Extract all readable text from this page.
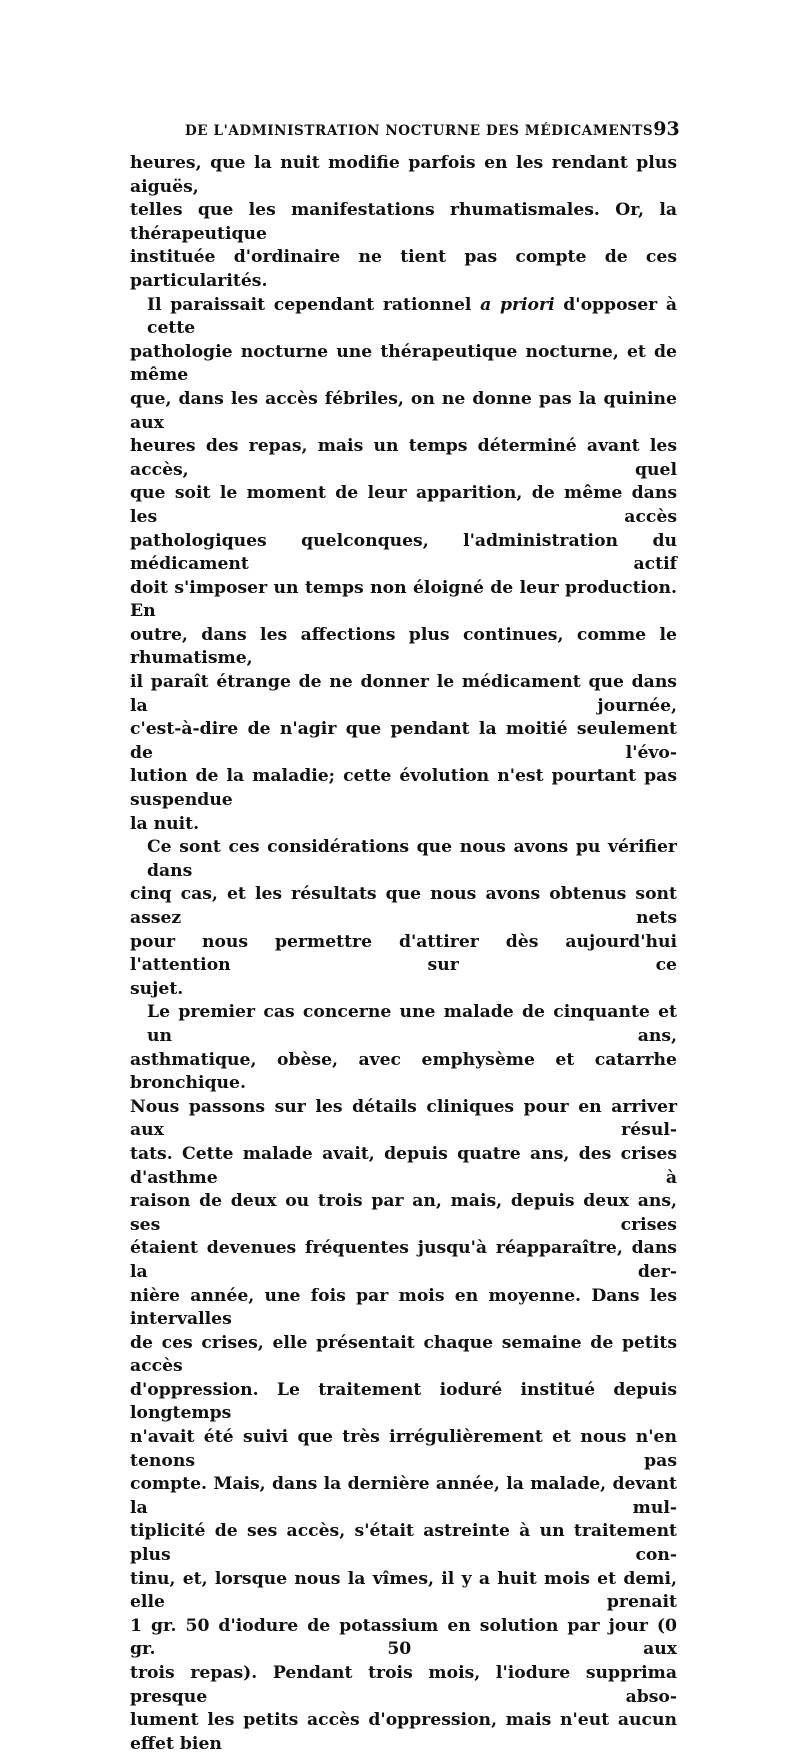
DE L'ADMINISTRATION NOCTURNE DES MÉDICAMENTS 93

heures, que la nuit modifie parfois en les rendant plus aiguës,
telles que les manifestations rhumatismales. Or, la thérapeutique
instituée d'ordinaire ne tient pas compte de ces particularités.

Il paraissait cependant rationnel a priori d'opposer à cette
pathologie nocturne une thérapeutique nocturne, et de même
que, dans les accès fébriles, on ne donne pas la quinine aux
heures des repas, mais un temps déterminé avant les accès, quel
que soit le moment de leur apparition, de même dans les accès
pathologiques quelconques, l'administration du médicament actif
doit s'imposer un temps non éloigné de leur production. En
outre, dans les affections plus continues, comme le rhumatisme,
il paraît étrange de ne donner le médicament que dans la journée,
c'est-à-dire de n'agir que pendant la moitié seulement de l'évo-
lution de la maladie; cette évolution n'est pourtant pas suspendue
la nuit.

Ce sont ces considérations que nous avons pu vérifier dans
cinq cas, et les résultats que nous avons obtenus sont assez nets
pour nous permettre d'attirer dès aujourd'hui l'attention sur ce
sujet.

Le premier cas concerne une malade de cinquante et un ans,
asthmatique, obèse, avec emphysème et catarrhe bronchique.
Nous passons sur les détails cliniques pour en arriver aux résul-
tats. Cette malade avait, depuis quatre ans, des crises d'asthme à
raison de deux ou trois par an, mais, depuis deux ans, ses crises
étaient devenues fréquentes jusqu'à réapparaître, dans la der-
nière année, une fois par mois en moyenne. Dans les intervalles
de ces crises, elle présentait chaque semaine de petits accès
d'oppression. Le traitement ioduré institué depuis longtemps
n'avait été suivi que très irrégulièrement et nous n'en tenons pas
compte. Mais, dans la dernière année, la malade, devant la mul-
tiplicité de ses accès, s'était astreinte à un traitement plus con-
tinu, et, lorsque nous la vîmes, il y a huit mois et demi, elle prenait
1 gr. 50 d'iodure de potassium en solution par jour (0 gr. 50 aux
trois repas). Pendant trois mois, l'iodure supprima presque abso-
lument les petits accès d'oppression, mais n'eut aucun effet bien
